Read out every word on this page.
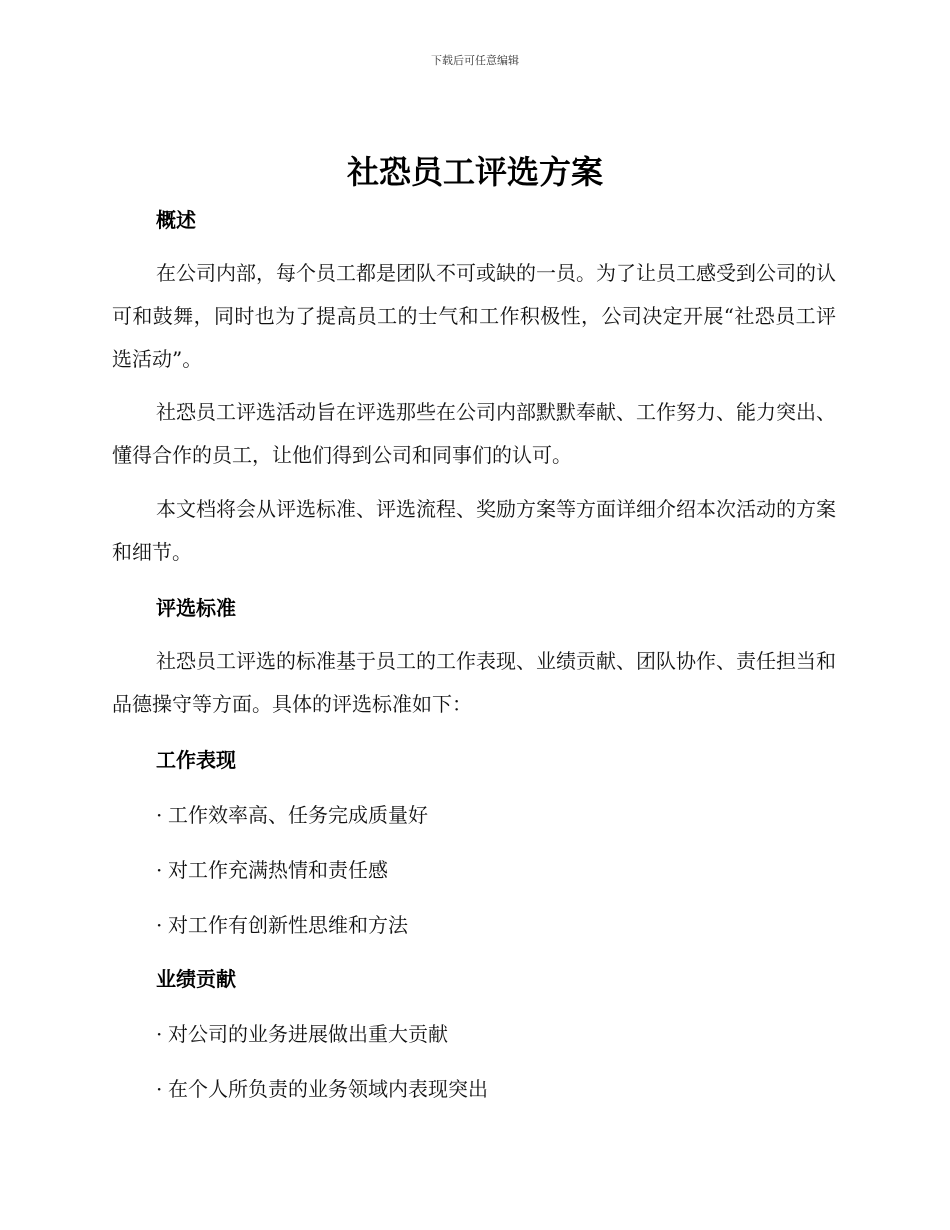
下载后可任意编辑
社恐员工评选方案
概述

在公司内部，每个员工都是团队不可或缺的一员。为了让员工感受到公司的认可和鼓舞，同时也为了提高员工的士气和工作积极性，公司决定开展“社恐员工评选活动”。

社恐员工评选活动旨在评选那些在公司内部默默奉献、工作努力、能力突出、懂得合作的员工，让他们得到公司和同事们的认可。

本文档将会从评选标准、评选流程、奖励方案等方面详细介绍本次活动的方案和细节。

评选标准

社恐员工评选的标准基于员工的工作表现、业绩贡献、团队协作、责任担当和品德操守等方面。具体的评选标准如下：

工作表现
· 工作效率高、任务完成质量好
· 对工作充满热情和责任感
· 对工作有创新性思维和方法
业绩贡献
· 对公司的业务进展做出重大贡献
· 在个人所负责的业务领域内表现突出
